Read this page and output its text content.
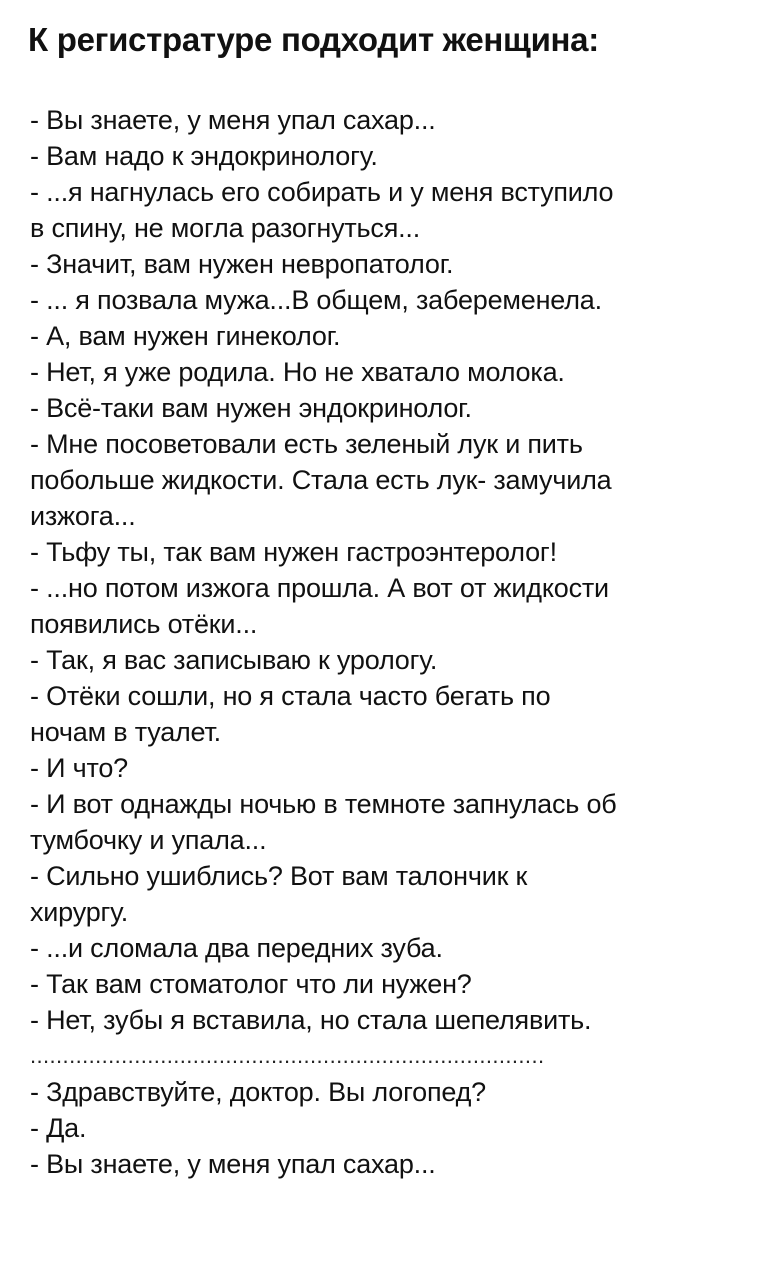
К регистратуре подходит женщина:
- Вы знаете, у меня упал сахар...
- Вам надо к эндокринологу.
- ...я нагнулась его собирать и у меня вступило
в спину, не могла разогнуться...
- Значит, вам нужен невропатолог.
- ... я позвала мужа...В общем, забеременела.
- А, вам нужен гинеколог.
- Нет, я уже родила. Но не хватало молока.
- Всё-таки вам нужен эндокринолог.
- Мне посоветовали есть зеленый лук и пить
побольше жидкости. Стала есть лук- замучила
изжога...
- Тьфу ты, так вам нужен гастроэнтеролог!
- ...но потом изжога прошла. А вот от жидкости
появились отёки...
- Так, я вас записываю к урологу.
- Отёки сошли, но я стала часто бегать по
ночам в туалет.
- И что?
- И вот однажды ночью в темноте запнулась об
тумбочку и упала...
- Сильно ушиблись? Вот вам талончик к
хирургу.
- ...и сломала два передних зуба.
- Так вам стоматолог что ли нужен?
- Нет, зубы я вставила, но стала шепелявить.
...............................................................................
- Здравствуйте, доктор. Вы логопед?
- Да.
- Вы знаете, у меня упал сахар...
